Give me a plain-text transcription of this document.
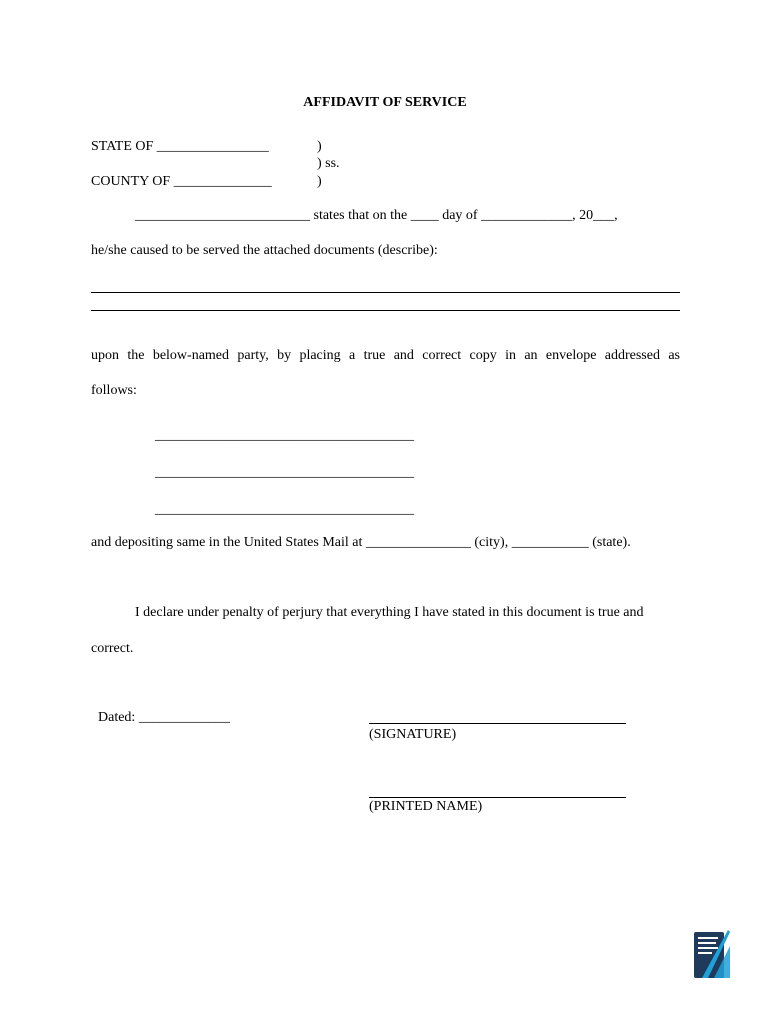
AFFIDAVIT OF SERVICE
STATE OF ________________
COUNTY OF ______________
)
) ss.
)
_________________________ states that on the ____ day of _____________, 20___,
he/she caused to be served the attached documents (describe):
upon the below-named party, by placing a true and correct copy in an envelope addressed as
follows:
_____________________________________
_____________________________________
_____________________________________
and depositing same in the United States Mail at _______________ (city), ___________ (state).
I declare under penalty of perjury that everything I have stated in this document is true and
correct.
Dated: _____________
(SIGNATURE)
(PRINTED NAME)
